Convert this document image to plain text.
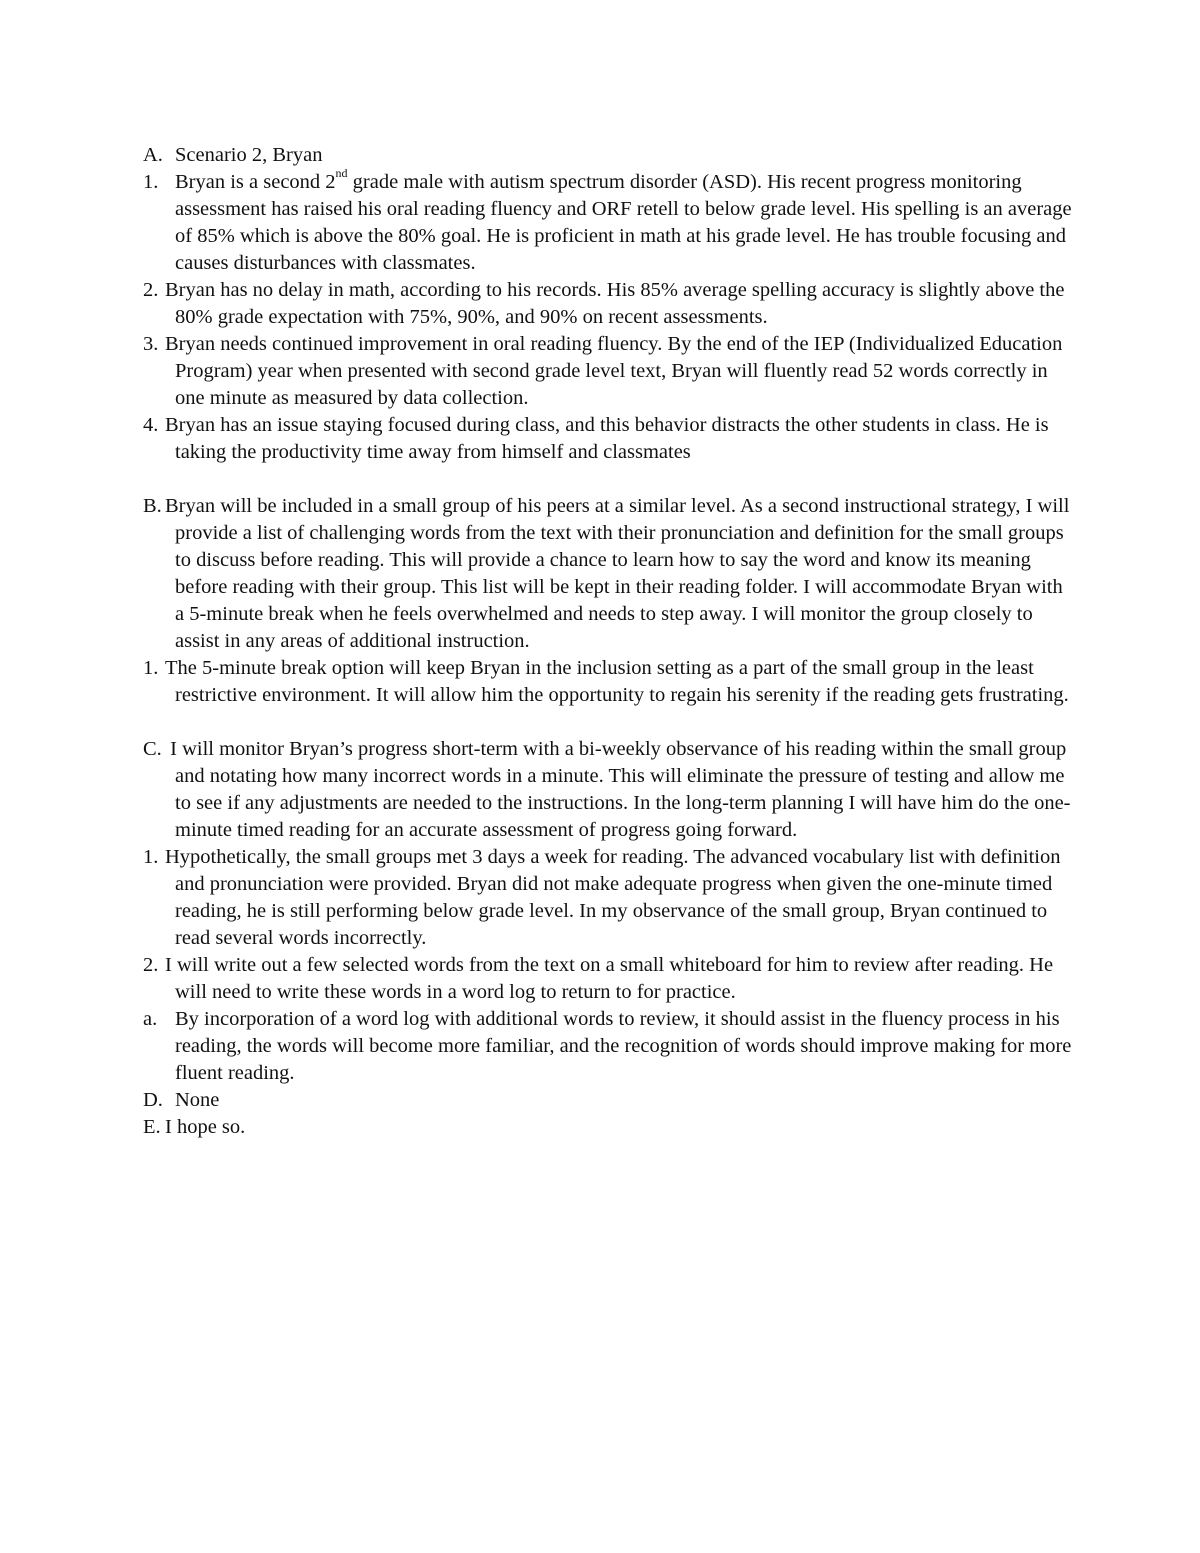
A. Scenario 2, Bryan
1. Bryan is a second 2nd grade male with autism spectrum disorder (ASD). His recent progress monitoring assessment has raised his oral reading fluency and ORF retell to below grade level. His spelling is an average of 85% which is above the 80% goal. He is proficient in math at his grade level. He has trouble focusing and causes disturbances with classmates.
2. Bryan has no delay in math, according to his records. His 85% average spelling accuracy is slightly above the 80% grade expectation with 75%, 90%, and 90% on recent assessments.
3. Bryan needs continued improvement in oral reading fluency. By the end of the IEP (Individualized Education Program) year when presented with second grade level text, Bryan will fluently read 52 words correctly in one minute as measured by data collection.
4. Bryan has an issue staying focused during class, and this behavior distracts the other students in class. He is taking the productivity time away from himself and classmates
B. Bryan will be included in a small group of his peers at a similar level. As a second instructional strategy, I will provide a list of challenging words from the text with their pronunciation and definition for the small groups to discuss before reading. This will provide a chance to learn how to say the word and know its meaning before reading with their group. This list will be kept in their reading folder. I will accommodate Bryan with a 5-minute break when he feels overwhelmed and needs to step away. I will monitor the group closely to assist in any areas of additional instruction.
1. The 5-minute break option will keep Bryan in the inclusion setting as a part of the small group in the least restrictive environment. It will allow him the opportunity to regain his serenity if the reading gets frustrating.
C. I will monitor Bryan’s progress short-term with a bi-weekly observance of his reading within the small group and notating how many incorrect words in a minute. This will eliminate the pressure of testing and allow me to see if any adjustments are needed to the instructions. In the long-term planning I will have him do the one-minute timed reading for an accurate assessment of progress going forward.
1. Hypothetically, the small groups met 3 days a week for reading. The advanced vocabulary list with definition and pronunciation were provided. Bryan did not make adequate progress when given the one-minute timed reading, he is still performing below grade level. In my observance of the small group, Bryan continued to read several words incorrectly.
2. I will write out a few selected words from the text on a small whiteboard for him to review after reading. He will need to write these words in a word log to return to for practice.
a. By incorporation of a word log with additional words to review, it should assist in the fluency process in his reading, the words will become more familiar, and the recognition of words should improve making for more fluent reading.
D. None
E. I hope so.
